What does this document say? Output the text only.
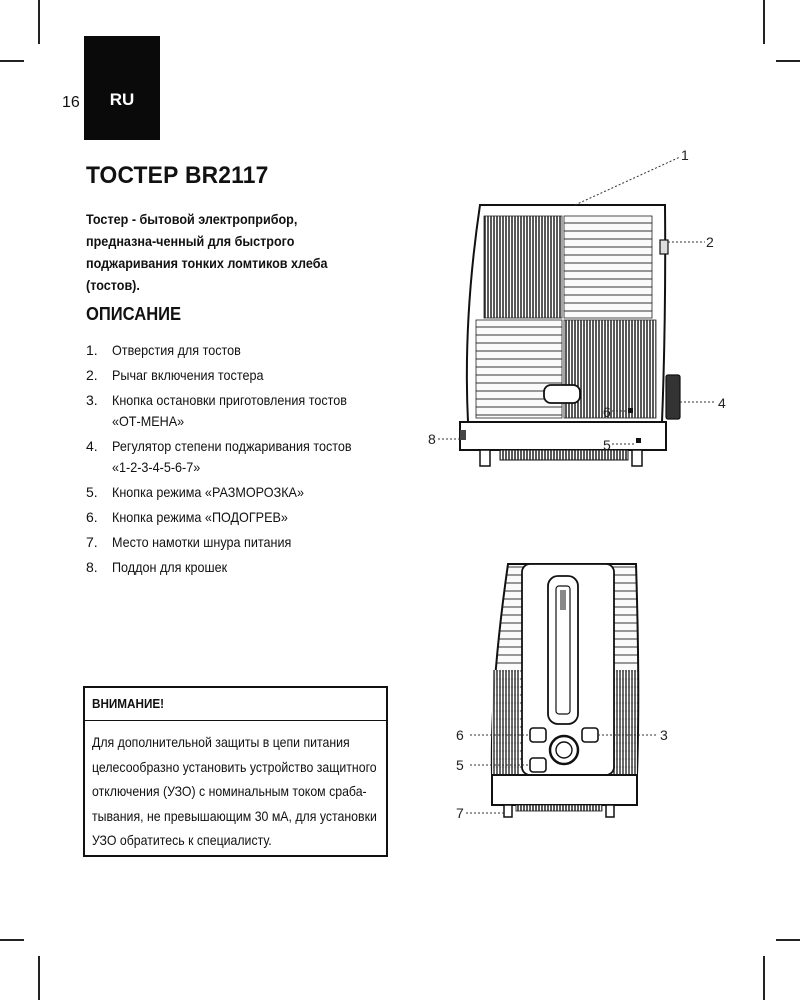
16 RU
ТОСТЕР BR2117

Тостер - бытовой электроприбор, предназна-ченный для быстрого поджаривания тонких ломтиков хлеба (тостов).

ОПИСАНИЕ
1.	Отверстия для тостов
2.	Рычаг включения тостера
3.	Кнопка остановки приготовления тостов «ОТ-МЕНА»
4.	Регулятор степени поджаривания тостов «1-2-3-4-5-6-7»
5.	Кнопка режима «РАЗМОРОЗКА»
6.	Кнопка режима «ПОДОГРЕВ»
7.	Место намотки шнура питания
8.	Поддон для крошек
ВНИМАНИЕ!

Для дополнительной защиты в цепи питания целесообразно установить устройство защитного отключения (УЗО) с номинальным током сраба-тывания, не превышающим 30 мА, для установки УЗО обратитесь к специалисту.

1
2
4
8	5
6
6
5
3
7
